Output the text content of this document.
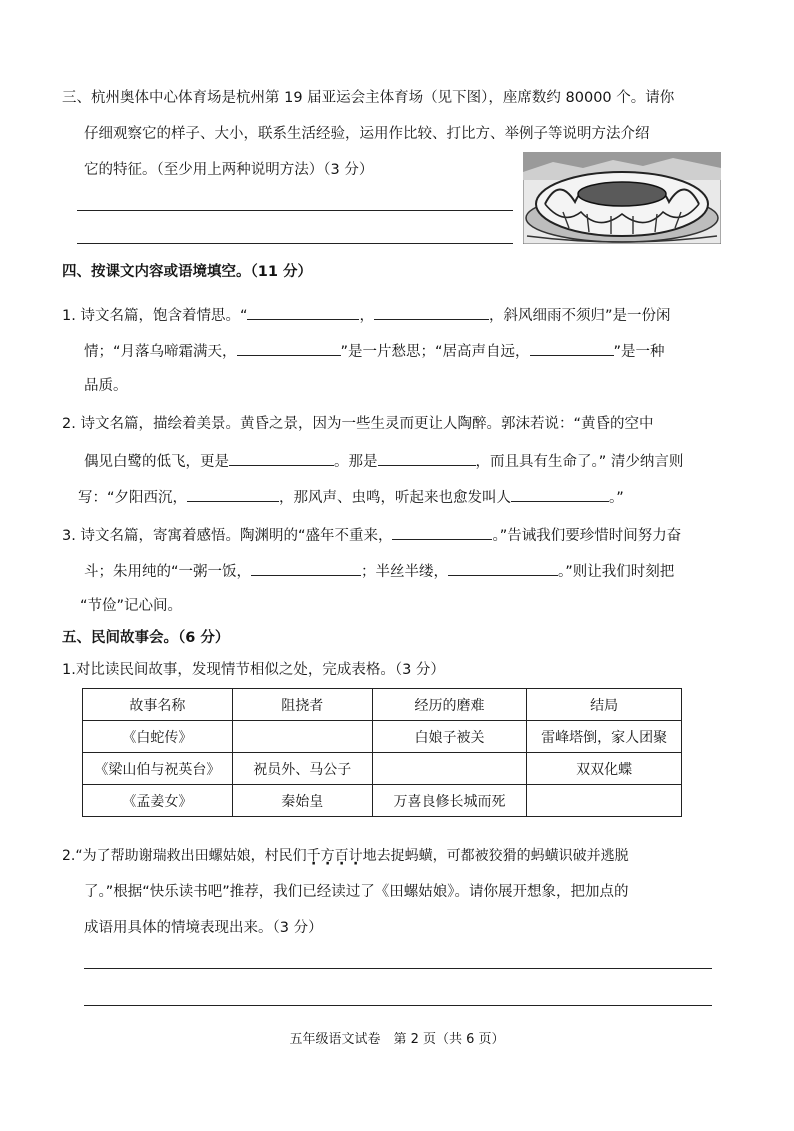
三、杭州奥体中心体育场是杭州第 19 届亚运会主体育场（见下图），座席数约 80000 个。请你
仔细观察它的样子、大小，联系生活经验，运用作比较、打比方、举例子等说明方法介绍
它的特征。（至少用上两种说明方法）（3 分）
四、按课文内容或语境填空。（11 分）
1. 诗文名篇，饱含着情思。“	，	，斜风细雨不须归”是一份闲
情；“月落乌啼霜满天，	”是一片愁思；“居高声自远，	”是一种
品质。
2. 诗文名篇，描绘着美景。黄昏之景，因为一些生灵而更让人陶醉。郭沫若说：“黄昏的空中
偶见白鹭的低飞，更是	。那是	，而且具有生命了。” 清少纳言则
写：“夕阳西沉，	，那风声、虫鸣，听起来也愈发叫人	。”
3. 诗文名篇，寄寓着感悟。陶渊明的“盛年不重来，	。”告诫我们要珍惜时间努力奋
斗；朱用纯的“一粥一饭，	；半丝半缕，	。”则让我们时刻把
“节俭”记心间。
五、民间故事会。（6 分）
1.对比读民间故事，发现情节相似之处，完成表格。（3 分）
故事名称	阻挠者	经历的磨难	结局
《白蛇传》		白娘子被关	雷峰塔倒，家人团聚
《梁山伯与祝英台》	祝员外、马公子		双双化蝶
《孟姜女》	秦始皇	万喜良修长城而死	
2.“为了帮助谢瑞救出田螺姑娘，村民们千方百计地去捉蚂蟥，可都被狡猾的蚂蟥识破并逃脱
了。”根据“快乐读书吧”推荐，我们已经读过了《田螺姑娘》。请你展开想象，把加点的
成语用具体的情境表现出来。（3 分）
五年级语文试卷　第 2 页（共 6 页）
